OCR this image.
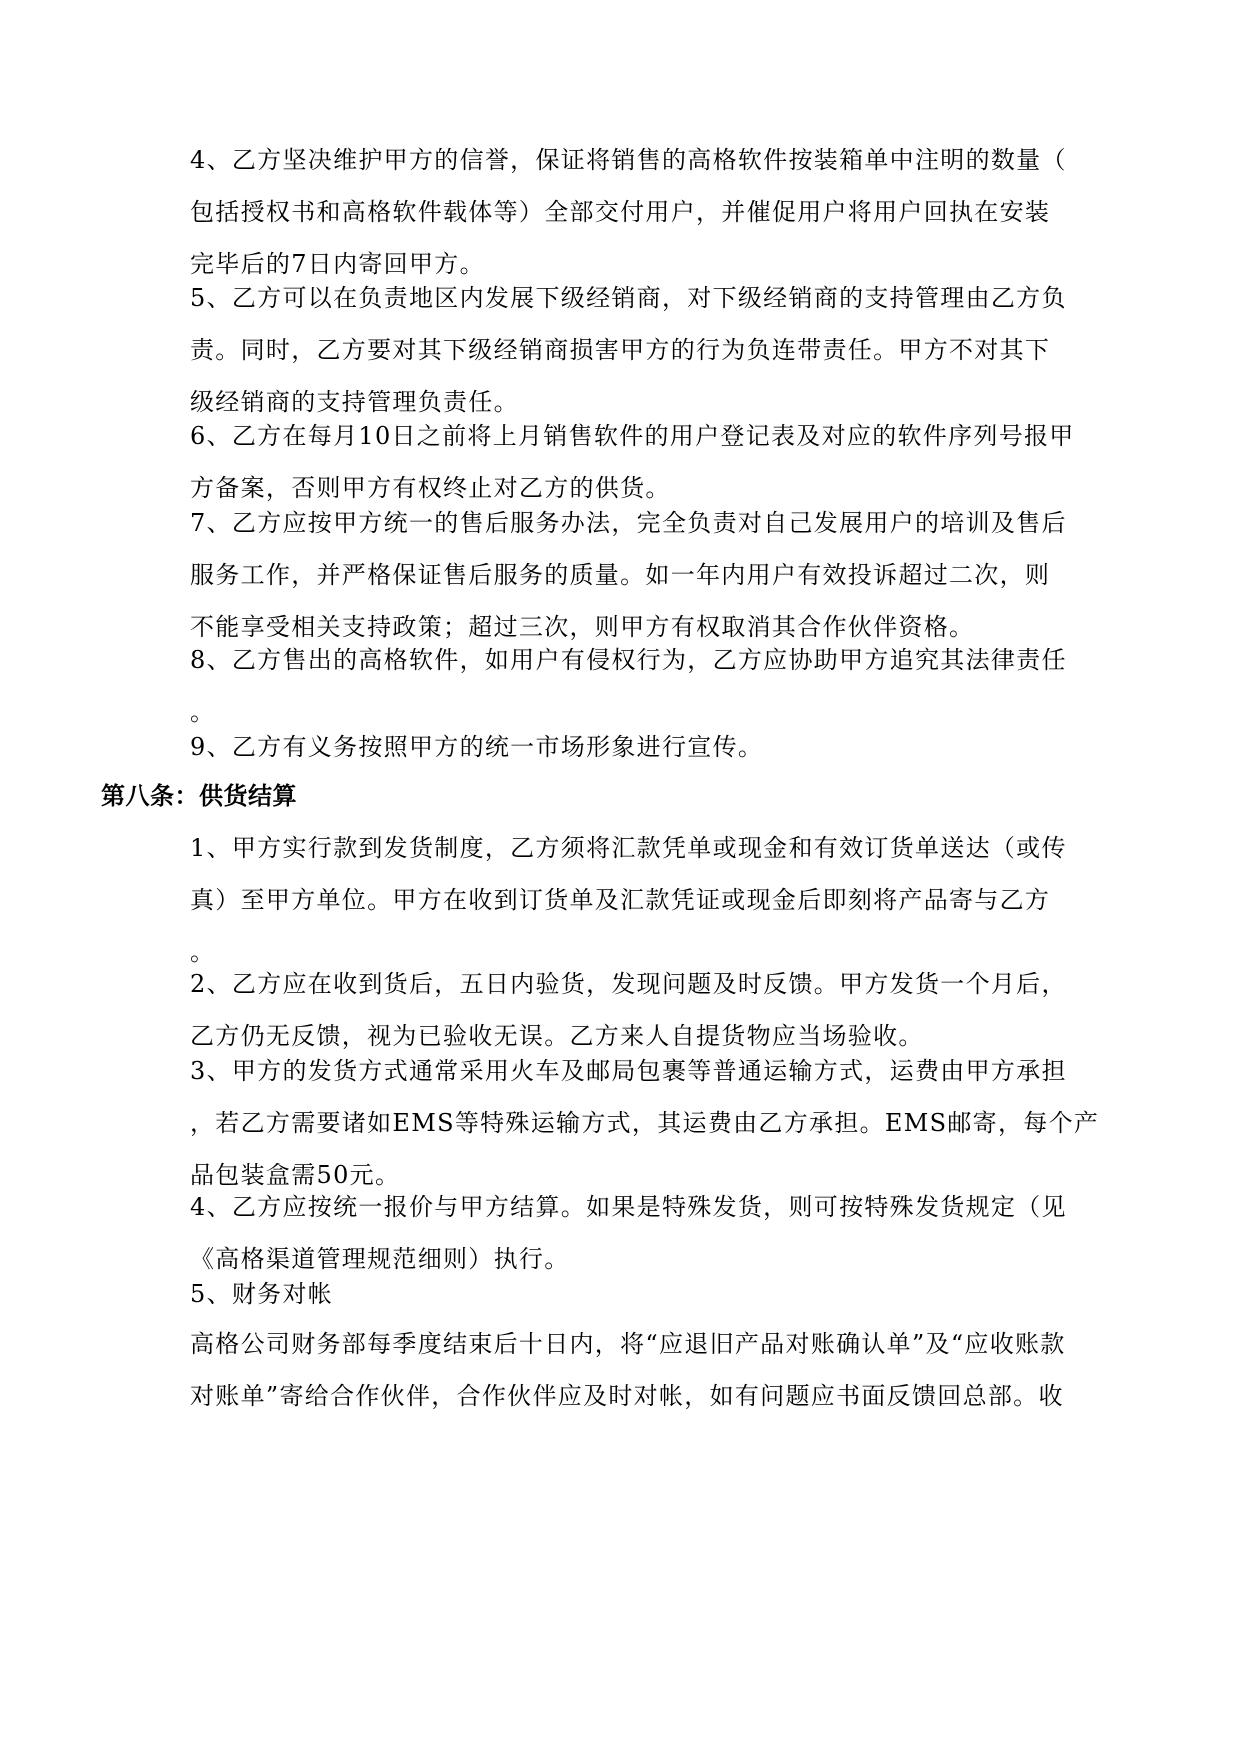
4、乙方坚决维护甲方的信誉，保证将销售的高格软件按装箱单中注明的数量（
包括授权书和高格软件载体等）全部交付用户，并催促用户将用户回执在安装
完毕后的7日内寄回甲方。
5、乙方可以在负责地区内发展下级经销商，对下级经销商的支持管理由乙方负
责。同时，乙方要对其下级经销商损害甲方的行为负连带责任。甲方不对其下
级经销商的支持管理负责任。
6、乙方在每月10日之前将上月销售软件的用户登记表及对应的软件序列号报甲
方备案，否则甲方有权终止对乙方的供货。
7、乙方应按甲方统一的售后服务办法，完全负责对自己发展用户的培训及售后
服务工作，并严格保证售后服务的质量。如一年内用户有效投诉超过二次，则
不能享受相关支持政策；超过三次，则甲方有权取消其合作伙伴资格。
8、乙方售出的高格软件，如用户有侵权行为，乙方应协助甲方追究其法律责任
。
9、乙方有义务按照甲方的统一市场形象进行宣传。
第八条：供货结算
1、甲方实行款到发货制度，乙方须将汇款凭单或现金和有效订货单送达（或传
真）至甲方单位。甲方在收到订货单及汇款凭证或现金后即刻将产品寄与乙方
。
2、乙方应在收到货后，五日内验货，发现问题及时反馈。甲方发货一个月后，
乙方仍无反馈，视为已验收无误。乙方来人自提货物应当场验收。
3、甲方的发货方式通常采用火车及邮局包裹等普通运输方式，运费由甲方承担
，若乙方需要诸如EMS等特殊运输方式，其运费由乙方承担。EMS邮寄，每个产
品包装盒需50元。
4、乙方应按统一报价与甲方结算。如果是特殊发货，则可按特殊发货规定（见
《高格渠道管理规范细则）执行。
5、财务对帐
高格公司财务部每季度结束后十日内，将“应退旧产品对账确认单”及“应收账款
对账单”寄给合作伙伴，合作伙伴应及时对帐，如有问题应书面反馈回总部。收
